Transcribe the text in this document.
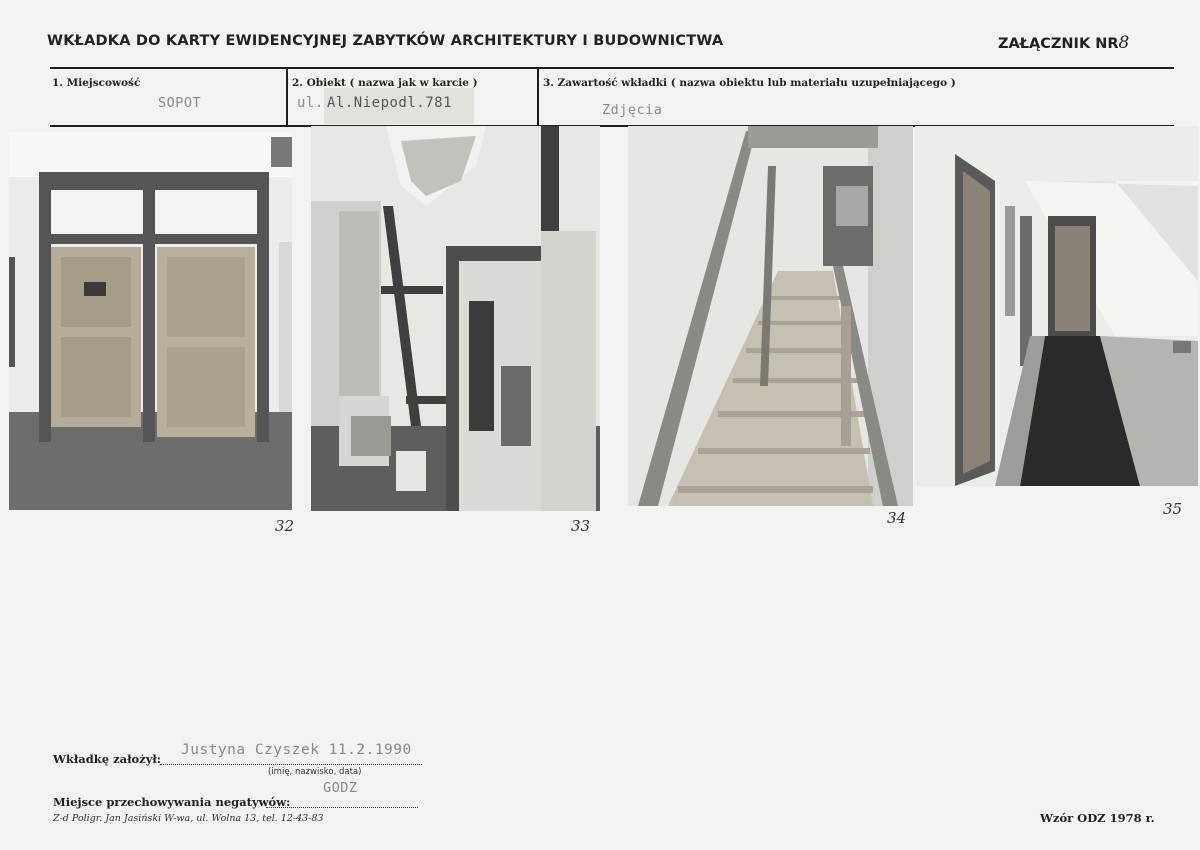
WKŁADKA DO KARTY EWIDENCYJNEJ ZABYTKÓW ARCHITEKTURY I BUDOWNICTWA	ZAŁĄCZNIK NR8
1. Miejscowość
SOPOT
2. Obiekt ( nazwa jak w karcie )
ul. Al.Niepodl.781
3. Zawartość wkładki ( nazwa obiektu lub materiału uzupełniającego )
Zdjęcia
32	33	34	35
Wkładkę założył:
Justyna Czyszek 11.2.1990
(imię, nazwisko, data)
Miejsce przechowywania negatywów:
GODZ
Z-d Poligr. Jan Jasiński W-wa, ul. Wolna 13, tel. 12-43-83	Wzór ODZ 1978 r.
